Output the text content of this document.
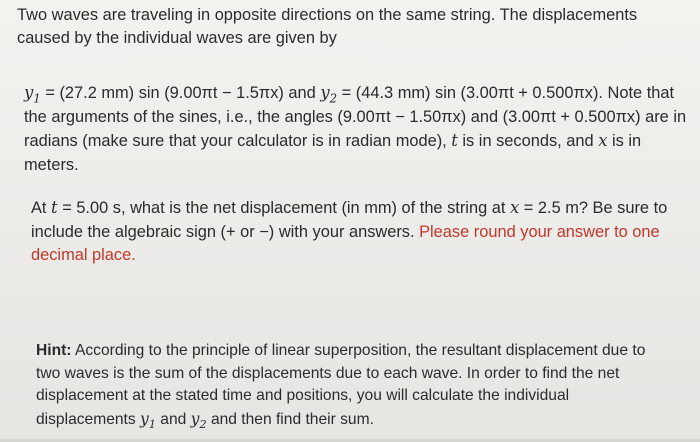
Two waves are traveling in opposite directions on the same string. The displacements
caused by the individual waves are given by

$y_1 = (27.2$ mm) sin (9.00πt − 1.5πx) and $y_2 = (44.3$ mm) sin (3.00πt + 0.500πx). Note that
the arguments of the sines, i.e., the angles (9.00πt − 1.50πx) and (3.00πt + 0.500πx) are in
radians (make sure that your calculator is in radian mode), t is in seconds, and x is in
meters.

At t = 5.00 s, what is the net displacement (in mm) of the string at x = 2.5 m? Be sure to
include the algebraic sign (+ or −) with your answers. Please round your answer to one
decimal place.

Hint: According to the principle of linear superposition, the resultant displacement due to
two waves is the sum of the displacements due to each wave. In order to find the net
displacement at the stated time and positions, you will calculate the individual
displacements $y_1$ and $y_2$ and then find their sum.
